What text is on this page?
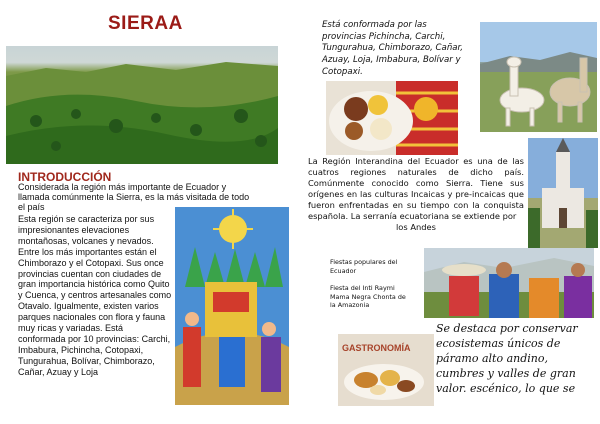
SIERAA
INTRODUCCIÓN
Considerada la región más importante de Ecuador y llamada comúnmente la Sierra, es la más visitada de todo el país
Esta región se caracteriza por sus impresionantes elevaciones montañosas, volcanes y nevados. Entre los más importantes están el Chimborazo y el Cotopaxi. Sus once provincias cuentan con ciudades de gran importancia histórica como Quito y Cuenca, y centros artesanales como Otavalo. Igualmente, existen varios parques nacionales con flora y fauna muy ricas y variadas. Está conformada por 10 provincias: Carchi, Imbabura, Pichincha, Cotopaxi, Tungurahua, Bolívar, Chimborazo, Cañar, Azuay y Loja
Está conformada por las provincias Pichincha, Carchi, Tungurahua, Chimborazo, Cañar, Azuay, Loja, Imbabura, Bolívar y Cotopaxi.
La Región Interandina del Ecuador es una de las cuatros regiones naturales de dicho país. Comúnmente conocido como Sierra. Tiene sus orígenes en las culturas Incaicas y pre-incaicas que fueron enfrentadas en su tiempo con la conquista española. La serranía ecuatoriana se extiende por
los Andes

Fiestas populares del Ecuador

Fiesta del Inti Raymi Mama Negra Chonta de la Amazonia

Se destaca por conservar ecosistemas únicos de páramo alto andino, cumbres y valles de gran valor. escénico, lo que se
GASTRONOMÍA
